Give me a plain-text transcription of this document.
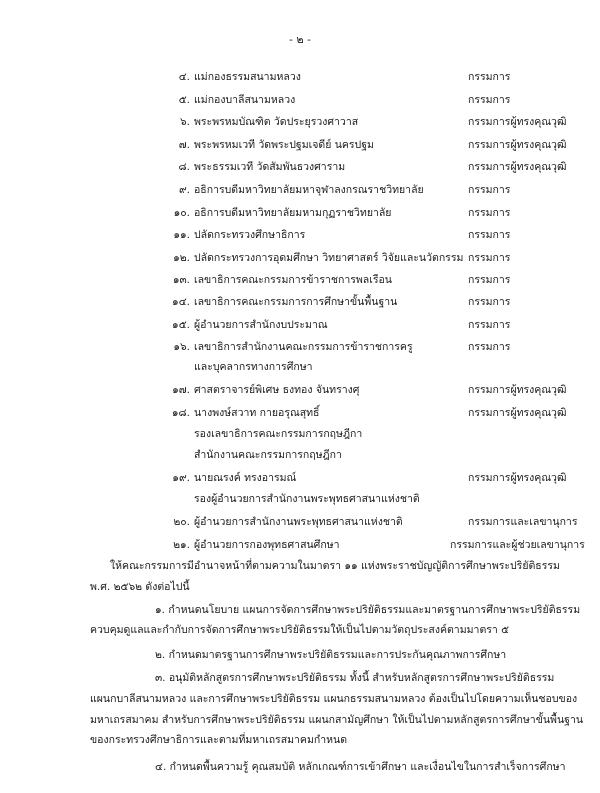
- ๒ -
๔. แม่กองธรรมสนามหลวง	กรรมการ
๕. แม่กองบาลีสนามหลวง	กรรมการ
๖. พระพรหมบัณฑิต วัดประยุรวงศาวาส	กรรมการผู้ทรงคุณวุฒิ
๗. พระพรหมเวที วัดพระปฐมเจดีย์ นครปฐม	กรรมการผู้ทรงคุณวุฒิ
๘. พระธรรมเวที วัดสัมพันธวงศาราม	กรรมการผู้ทรงคุณวุฒิ
๙. อธิการบดีมหาวิทยาลัยมหาจุฬาลงกรณราชวิทยาลัย	กรรมการ
๑๐. อธิการบดีมหาวิทยาลัยมหามกุฏราชวิทยาลัย	กรรมการ
๑๑. ปลัดกระทรวงศึกษาธิการ	กรรมการ
๑๒. ปลัดกระทรวงการอุดมศึกษา วิทยาศาสตร์ วิจัยและนวัตกรรม กรรมการ
๑๓. เลขาธิการคณะกรรมการข้าราชการพลเรือน	กรรมการ
๑๔. เลขาธิการคณะกรรมการการศึกษาขั้นพื้นฐาน	กรรมการ
๑๕. ผู้อำนวยการสำนักงบประมาณ	กรรมการ
๑๖. เลขาธิการสำนักงานคณะกรรมการข้าราชการครู	กรรมการ
และบุคลากรทางการศึกษา
๑๗. ศาสตราจารย์พิเศษ ธงทอง จันทรางศุ	กรรมการผู้ทรงคุณวุฒิ
๑๘. นางพงษ์สวาท กายอรุณสุทธิ์	กรรมการผู้ทรงคุณวุฒิ
รองเลขาธิการคณะกรรมการกฤษฎีกา
สำนักงานคณะกรรมการกฤษฎีกา
๑๙. นายณรงค์ ทรงอารมณ์	กรรมการผู้ทรงคุณวุฒิ
รองผู้อำนวยการสำนักงานพระพุทธศาสนาแห่งชาติ
๒๐. ผู้อำนวยการสำนักงานพระพุทธศาสนาแห่งชาติ	กรรมการและเลขานุการ
๒๑. ผู้อำนวยการกองพุทธศาสนศึกษา	กรรมการและผู้ช่วยเลขานุการ
ให้คณะกรรมการมีอำนาจหน้าที่ตามความในมาตรา ๑๑ แห่งพระราชบัญญัติการศึกษาพระปริยัติธรรม
พ.ศ. ๒๕๖๒ ดังต่อไปนี้
๑. กำหนดนโยบาย แผนการจัดการศึกษาพระปริยัติธรรมและมาตรฐานการศึกษาพระปริยัติธรรม
ควบคุมดูแลและกำกับการจัดการศึกษาพระปริยัติธรรมให้เป็นไปตามวัตถุประสงค์ตามมาตรา ๕
๒. กำหนดมาตรฐานการศึกษาพระปริยัติธรรมและการประกันคุณภาพการศึกษา
๓. อนุมัติหลักสูตรการศึกษาพระปริยัติธรรม ทั้งนี้ สำหรับหลักสูตรการศึกษาพระปริยัติธรรม
แผนกบาลีสนามหลวง และการศึกษาพระปริยัติธรรม แผนกธรรมสนามหลวง ต้องเป็นไปโดยความเห็นชอบของ
มหาเถรสมาคม สำหรับการศึกษาพระปริยัติธรรม แผนกสามัญศึกษา ให้เป็นไปตามหลักสูตรการศึกษาขั้นพื้นฐาน
ของกระทรวงศึกษาธิการและตามที่มหาเถรสมาคมกำหนด
๔. กำหนดพื้นความรู้ คุณสมบัติ หลักเกณฑ์การเข้าศึกษา และเงื่อนไขในการสำเร็จการศึกษา
